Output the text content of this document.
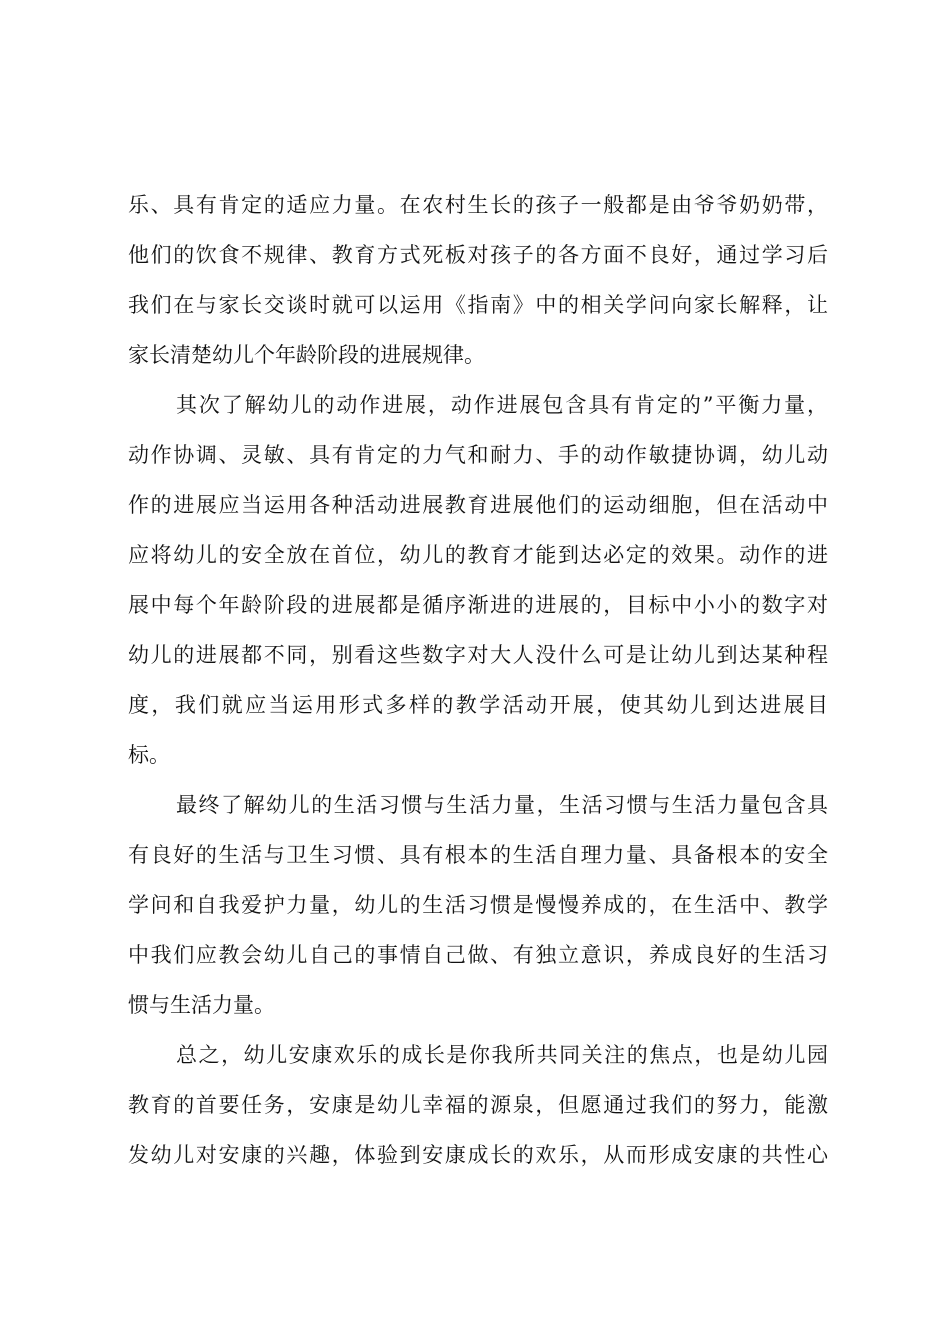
乐、具有肯定的适应力量。在农村生长的孩子一般都是由爷爷奶奶带，
他们的饮食不规律、教育方式死板对孩子的各方面不良好，通过学习后
我们在与家长交谈时就可以运用《指南》中的相关学问向家长解释，让
家长清楚幼儿个年龄阶段的进展规律。
其次了解幼儿的动作进展，动作进展包含具有肯定的”平衡力量，
动作协调、灵敏、具有肯定的力气和耐力、手的动作敏捷协调，幼儿动
作的进展应当运用各种活动进展教育进展他们的运动细胞，但在活动中
应将幼儿的安全放在首位，幼儿的教育才能到达必定的效果。动作的进
展中每个年龄阶段的进展都是循序渐进的进展的，目标中小小的数字对
幼儿的进展都不同，别看这些数字对大人没什么可是让幼儿到达某种程
度，我们就应当运用形式多样的教学活动开展，使其幼儿到达进展目
标。
最终了解幼儿的生活习惯与生活力量，生活习惯与生活力量包含具
有良好的生活与卫生习惯、具有根本的生活自理力量、具备根本的安全
学问和自我爱护力量，幼儿的生活习惯是慢慢养成的，在生活中、教学
中我们应教会幼儿自己的事情自己做、有独立意识，养成良好的生活习
惯与生活力量。
总之，幼儿安康欢乐的成长是你我所共同关注的焦点，也是幼儿园
教育的首要任务，安康是幼儿幸福的源泉，但愿通过我们的努力，能激
发幼儿对安康的兴趣，体验到安康成长的欢乐，从而形成安康的共性心
